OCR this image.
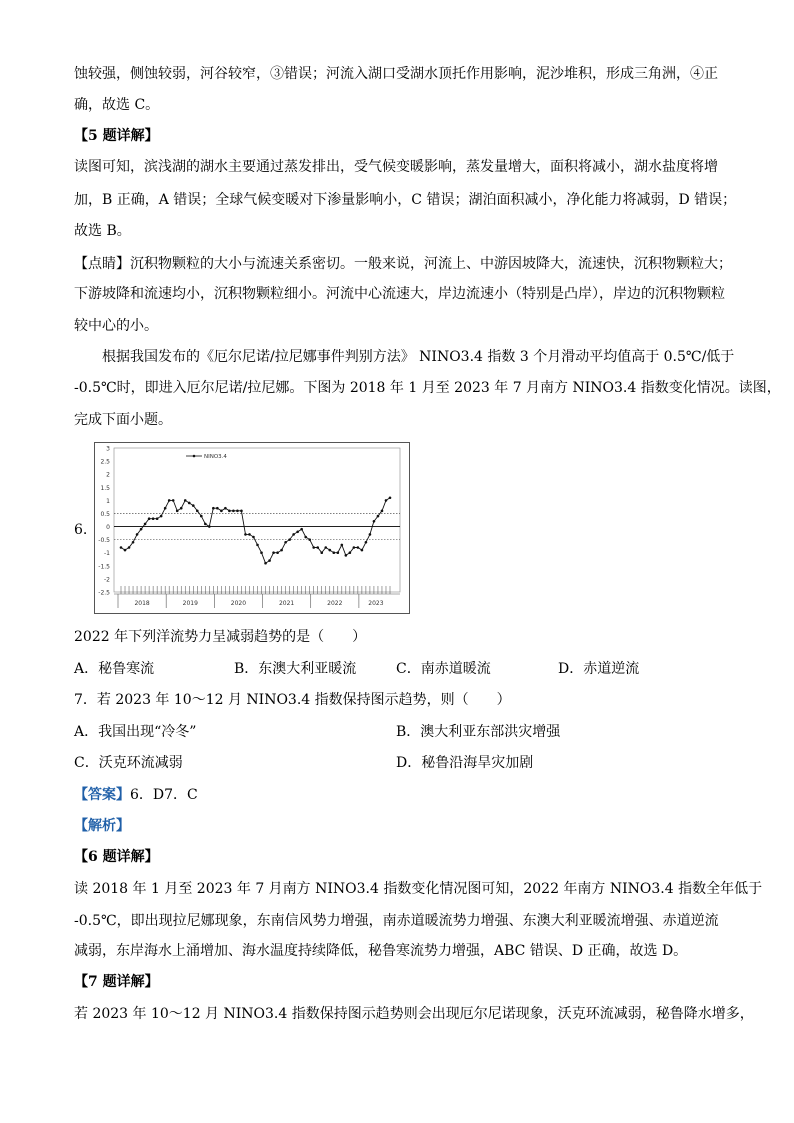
蚀较强，侧蚀较弱，河谷较窄，③错误；河流入湖口受湖水顶托作用影响，泥沙堆积，形成三角洲，④正
确，故选 C。
【5 题详解】
读图可知，滨浅湖的湖水主要通过蒸发排出，受气候变暖影响，蒸发量增大，面积将减小，湖水盐度将增
加，B 正确，A 错误；全球气候变暖对下渗量影响小，C 错误；湖泊面积减小，净化能力将减弱，D 错误；
故选 B。
【点睛】沉积物颗粒的大小与流速关系密切。一般来说，河流上、中游因坡降大，流速快，沉积物颗粒大；
下游坡降和流速均小，沉积物颗粒细小。河流中心流速大，岸边流速小（特别是凸岸），岸边的沉积物颗粒
较中心的小。
根据我国发布的《厄尔尼诺/拉尼娜事件判别方法》 NINO3.4 指数 3 个月滑动平均值高于 0.5℃/低于
-0.5℃时，即进入厄尔尼诺/拉尼娜。下图为 2018 年 1 月至 2023 年 7 月南方 NINO3.4 指数变化情况。读图，
完成下面小题。
6.
3
2.5
2
1.5
1
0.5
0
-0.5
-1
-1.5
-2
-2.5
2018	2019	2020	2021	2022	2023
NINO3.4
2022 年下列洋流势力呈减弱趋势的是（　　）
A．秘鲁寒流	B．东澳大利亚暖流	C．南赤道暖流	D．赤道逆流
7．若 2023 年 10～12 月 NINO3.4 指数保持图示趋势，则（　　）
A．我国出现“冷冬”	B．澳大利亚东部洪灾增强
C．沃克环流减弱	D．秘鲁沿海旱灾加剧
【答案】6．D7．C
【解析】
【6 题详解】
读 2018 年 1 月至 2023 年 7 月南方 NINO3.4 指数变化情况图可知，2022 年南方 NINO3.4 指数全年低于
-0.5℃，即出现拉尼娜现象，东南信风势力增强，南赤道暖流势力增强、东澳大利亚暖流增强、赤道逆流
减弱，东岸海水上涌增加、海水温度持续降低，秘鲁寒流势力增强，ABC 错误、D 正确，故选 D。
【7 题详解】
若 2023 年 10～12 月 NINO3.4 指数保持图示趋势则会出现厄尔尼诺现象，沃克环流减弱，秘鲁降水增多，
